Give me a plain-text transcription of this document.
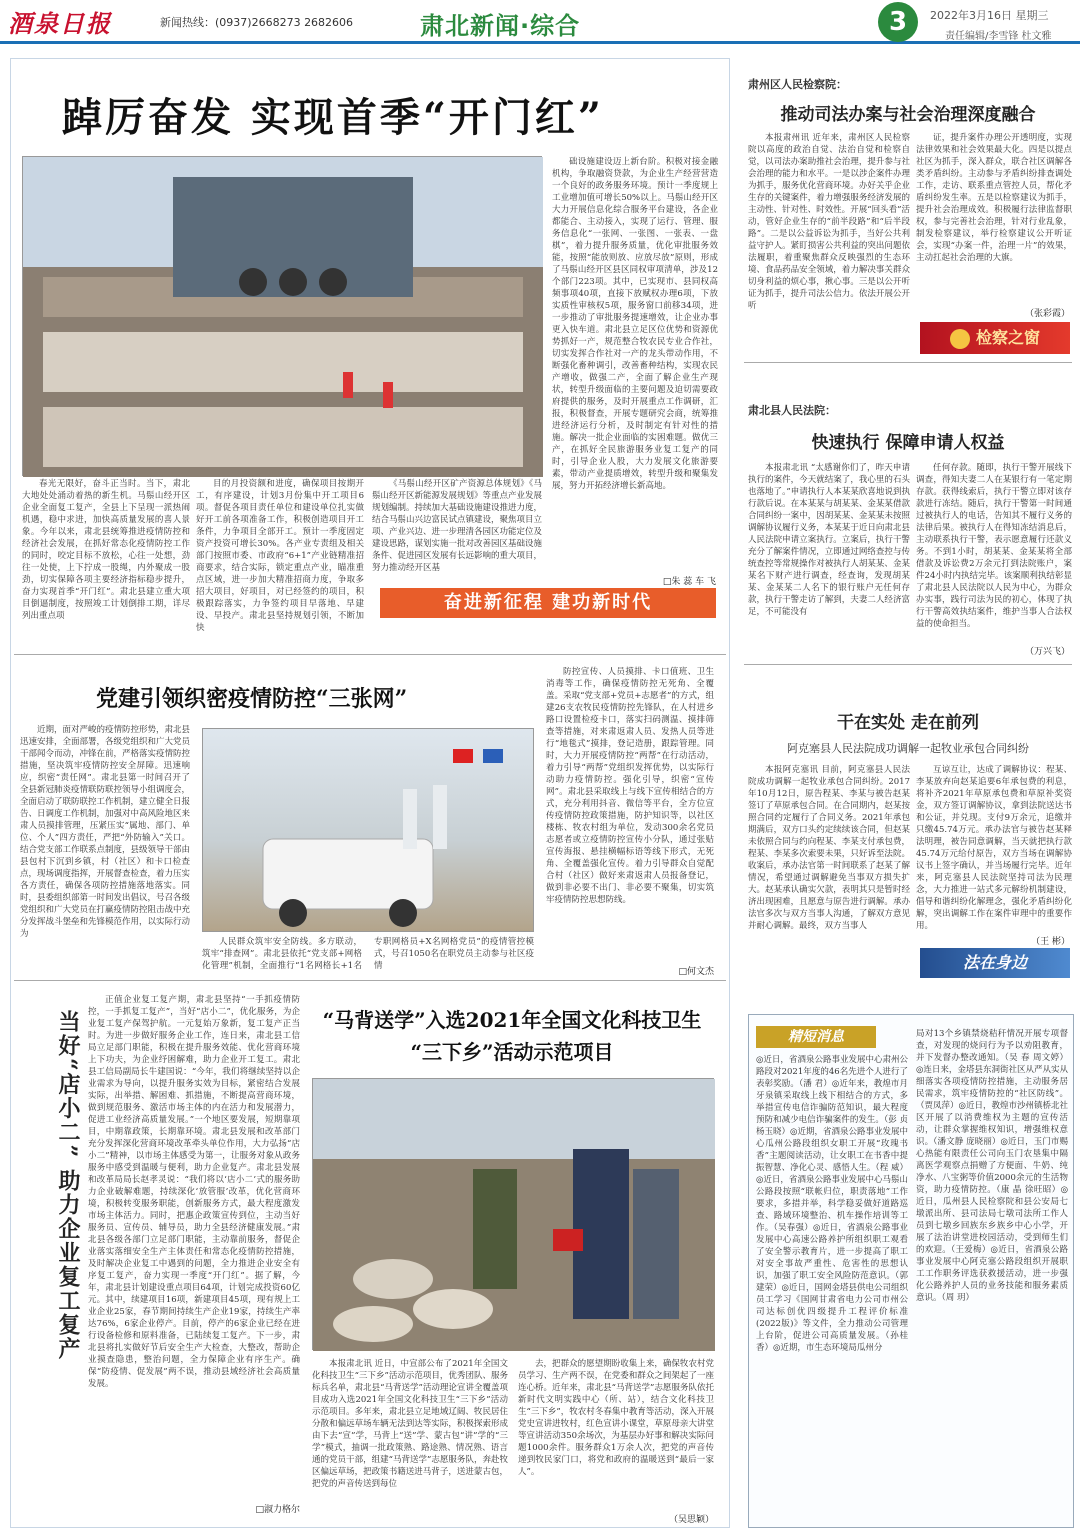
酒泉日报	新闻热线：(0937)2668273 2682606	肃北新闻·综合	3	2022年3月16日 星期三
责任编辑/李雪锋 杜文雅
踔厉奋发 实现首季“开门红”

春光无限好，奋斗正当时。当下，肃北大地处处涌动着热的新生机。马鬃山经开区企业全面复工复产，全县上下呈现一派热闹机遇，稳中求进，加快高质量发展的喜人景象。今年以来，肃北县统筹推进疫情防控和经济社会发展，在抓好常态化疫情防控工作的同时，咬定目标不放松，心往一处想，劲往一处使，上下拧成一股绳，内外聚成一股劲，切实保障各项主要经济指标稳步提升，奋力实现首季“开门红”。肃北县建立重大项目倒逼制度，按照竣工计划倒排工期，详尽列出重点项

目的月投资额和进度，确保项目按期开工，有序建设，计划3月份集中开工项目6项。督促各项目责任单位和建设单位扎实做好开工前各项准备工作，积极创造项目开工条件，力争项目全部开工。预计一季度固定资产投资可增长30%。各产业专责组及相关部门按照市委、市政府“6+1”产业链精准招商要求，结合实际，锁定重点产业，瞄准重点区域，进一步加大精准招商力度，争取多招大项目，好项目，对已经签约的项目，积极跟踪落实，力争签约项目早落地、早建设、早投产。肃北县坚持规划引领，不断加快

《马鬃山经开区矿产资源总体规划》《马鬃山经开区新能源发展规划》等重点产业发展规划编制。持续加大基础设施建设推进力度，结合马鬃山兴边富民试点镇建设，聚焦项目立项、产业兴边、进一步理清各园区功能定位及建设思路，谋划实施一批对改善园区基础设施条件、促进园区发展有长远影响的重大项目，努力推动经开区基

础设施建设迈上新台阶。积极对接金融机构，争取融资贷款，为企业生产经营营造一个良好的政务服务环境。预计一季度规上工业增加值可增长50%以上。马鬃山经开区大力开展信息化综合服务平台建设，各企业都能合、主动接入，实现了运行、管理、服务信息化“一张网、一张图、一张表、一盘棋”，着力提升服务质量，优化审批服务效能，按照“能放则放、应放尽放”原则，形成了马鬃山经开区县区同权审项清单，涉及12个部门223项。其中，已实现市、县同权高频事项40项，直接下放赋权办理6项，下放实质性审核权5项，服务窗口前移34项，进一步推动了审批服务提速增效，让企业办事更入快车道。肃北县立足区位优势和资源优势抓好一产，规范整合牧农民专业合作社，切实发挥合作社对一产的龙头带动作用，不断强化畜种调引，改善畜种结构，实现农民产增收，做强二产，全面了解企业生产现状，转型升级面临的主要问题及迫切需要政府提供的服务，及时开展重点工作调研，汇报，积极督查，开展专题研究会商，统筹推进经济运行分析，及时制定有针对性的措施。解决一批企业面临的实困难题。做优三产，在抓好全民旅游服务业复工复产的同时，引导企业人股，大力发展文化旅游要素，带动产业提质增效，转型升级和聚集发展，努力开拓经济增长新高地。

□朱 蕊 车 飞
奋进新征程 建功新时代
党建引领织密疫情防控“三张网”

近期，面对严峻的疫情防控形势，肃北县迅速安排，全面部署，各级党组织和广大党员干部闻令而动，冲锋在前，严格落实疫情防控措施，坚决筑牢疫情防控安全屏障。迅速响应，织密“责任网”。肃北县第一时间召开了全县新冠肺炎疫情联防联控领导小组调度会，全面启动了联防联控工作机制，建立健全日报告、日调度工作机制，加强对中高风险地区来肃人员摸排管理，压紧压实“属地、部门、单位、个人”四方责任，严把“外防输入”关口。结合党支部工作联系点制度，县级领导干部由县包村下沉到乡镇，村（社区）和卡口检查点，现场调度指挥，开展督查检查，着力压实各方责任，确保各项防控措施落地落实。同时，县委组织部第一时间发出倡议，号召各级党组织和广大党员在打赢疫情防控阻击战中充分发挥战斗堡垒和先锋模范作用，以实际行动为

人民群众筑牢安全防线。多方联动，筑牢“排查网”。肃北县依托“党支部+网格化管理”机制，全面推行“1名网格长+1名专职网格员+X名网格党员”的疫情管控模式，号召1050名在职党员主动参与社区疫情

防控宣传、人员摸排、卡口值班、卫生消毒等工作，确保疫情防控无死角、全覆盖。采取“党支部+党员+志愿者”的方式，组建26支农牧民疫情防控先锋队，在人村进乡路口设置检疫卡口，落实扫码测温、摸排筛查等措施，对来肃返肃人员、发热人员等进行“地毯式”摸排，登记造册，跟踪管理。同时，大力开展疫情防控“两帮”在行动活动，着力引导“两帮”党组织发挥优势，以实际行动助力疫情防控。强化引导，织密“宣传网”。肃北县采取线上与线下宣传相结合的方式，充分利用抖音、微信等平台，全方位宣传疫情防控政策措施，防护知识等，以社区楼栋、牧农村组为单位，发动300余名党员志愿者或立疫情防控宣传小分队，通过张贴宣传海报、悬挂横幅标语等线下形式，无死角、全覆盖强化宣传。着力引导群众自觉配合村（社区）做好来肃返肃人员报备登记，做到非必要不出门、非必要不聚集，切实筑牢疫情防控思想防线。

□何文杰
当好“店小二” 助力企业复工复产

正值企业复工复产期，肃北县坚持“一手抓疫情防控，一手抓复工复产”，当好“店小二”，优化服务，为企业复工复产保驾护航。一元复始万象新，复工复产正当时。为进一步做好服务企业工作，连日来，肃北县工信局立足部门职能，积极在提升服务效能、优化营商环境上下功夫，为企业纾困解难，助力企业开工复工。肃北县工信局副局长牛建国说：“今年，我们将继续坚持以企业需求为导向，以提升服务实效为目标，紧密结合发展实际，出举措、解困难、抓措施，不断提高营商环境，做到规范服务、激活市场主体的内在活力和发展潜力，促进工业经济高质量发展。”一个地区要发展，短期靠项目，中期靠政策，长期靠环境。肃北县发展和改革部门充分发挥深化营商环境改革牵头单位作用，大力弘扬“店小二”精神，以市场主体感受为第一，让服务对象从政务服务中感受到温暖与便利，助力企业复产。肃北县发展和改革局局长赵孝灵说：“我们将以‘店小二’式的服务助力企业破解难题，持续深化‘放管服’改革，优化营商环境，积极转变服务职能，创新服务方式，最大程度激发市场主体活力。同时，把惠企政策宣传到位，主动当好服务员、宣传员、辅导员，助力全县经济健康发展。”肃北县各级各部门立足部门职能，主动靠前服务，督促企业落实落细安全生产主体责任和常态化疫情防控措施，及时解决企业复工中遇到的问题，全力推进企业安全有序复工复产，奋力实现一季度“开门红”。据了解，今年，肃北县计划建设重点项目64项，计划完成投资60亿元。其中，续建项目16项，新建项目45项，现有规上工业企业25家，春节期间持续生产企业19家，持续生产率达76%，6家企业停产。目前，停产的6家企业已经在进行设备检修和原料准备，已陆续复工复产。下一步，肃北县将扎实做好节后安全生产大检查，大整改，帮助企业摸查隐患，整治问题，全力保障企业有序生产。确保“防疫情、促发展”两不误，推动县域经济社会高质量发展。

□淑力格尔
“马背送学”入选2021年全国文化科技卫生
“三下乡”活动示范项目

本报肃北讯 近日，中宣部公布了2021年全国文化科技卫生“三下乡”活动示范项目，优秀团队、服务标兵名单，肃北县“马背送学”活动理论宣讲全覆盖项目成功入选2021年全国文化科技卫生“三下乡”活动示范项目。多年来，肃北县立足地域辽阔、牧民居住分散和偏远草场车辆无法到达等实际，积极探索形成由下去“宣”学，马背上“送”学、蒙古包“讲”学的“三学”模式，抽调一批政策熟、路途熟、情况熟、语言通的党员干部，组建“马背送学”志愿服务队，奔赴牧区偏远草场，把政策书籍送进马背子，送进蒙古包，把党的声音传送到每位

去，把群众的愿望期盼收集上来，确保牧农村党员学习、生产两不误，在党委和群众之间架起了一座连心桥。近年来，肃北县“马背送学”志愿服务队依托新时代文明实践中心（所、站），结合文化科技卫生“三下乡”，牧农村冬春集中教育等活动，深入开展党史宣讲进牧村，红色宣讲小课堂，草原母亲大讲堂等宣讲活动350余场次，为基层办好事和解决实际问题1000余件。服务群众1万余人次，把党的声音传递到牧民家门口，将党和政府的温暖送到“最后一家人”。

（吴思颖）
肃州区人民检察院：
推动司法办案与社会治理深度融合

本报肃州讯 近年来，肃州区人民检察院以高度的政治自觉、法治自觉和检察自觉，以司法办案助推社会治理，提升参与社会治理的能力和水平。一是以涉企案件办理为抓手，服务优化营商环境。办好关乎企业生存的关键案件，着力增强服务经济发展的主动性、针对性、时效性。开展“回头看”活动，管好企业生存的“前半段路”和“后半段路”。二是以公益诉讼为抓手，当好公共利益守护人。紧盯损害公共利益的突出问题依法履职，着重聚焦群众反映强烈的生态环境、食品药品安全领域，着力解决事关群众切身利益的烦心事，揪心事。三是以公开听证为抓手，提升司法公信力。依法开展公开听

证，提升案件办理公开透明度，实现法律效果和社会效果最大化。四是以提点社区为抓手，深入群众，联合社区调解各类矛盾纠纷。主动参与矛盾纠纷排查调处工作，走访、联系重点管控人员，帮化矛盾纠纷发生率。五是以检察建议为抓手，提升社会治理成效。积极履行法律监督职权，参与完善社会治理，针对行业乱象，制发检察建议，举行检察建议公开听证会，实现“办案一件，治理一片”的效果，主动扛起社会治理的大旗。

（张彩霞）
检察之窗
肃北县人民法院：
快速执行 保障申请人权益

本报肃北讯 “太感谢你们了，昨天申请执行的案件，今天就结案了，我心里的石头也落地了。”申请执行人本某某欣喜地说到执行款后说。在本某某与胡某某、金某某借款合同纠纷一案中，因胡某某、金某某未按照调解协议履行义务，本某某于近日向肃北县人民法院申请立案执行。立案后，执行干警充分了解案件情况，立即通过网络查控与传统查控等常规操作对被执行人胡某某、金某某名下财产进行调查，经查询，发现胡某某、金某某二人名下的银行账户无任何存款，执行干警走访了解到，夫妻二人经济富足，不可能没有

任何存款。随即，执行干警开展线下调查，得知夫妻二人在某银行有一笔定期存款。获得线索后，执行干警立即对该存款进行冻结。随后，执行干警第一时间通过被执行人的电话，告知其不履行义务的法律后果。被执行人在得知冻结消息后，主动联系执行干警，表示愿意履行还款义务。不到1小时，胡某某、金某某将全部借款及诉讼费2万余元打到法院账户，案件24小时内执结完毕。该案顺利执结彰显了肃北县人民法院以人民为中心，为群众办实事，践行司法为民的初心，体现了执行干警高效执结案件，维护当事人合法权益的使命担当。

（万兴飞）
干在实处 走在前列
阿克塞县人民法院成功调解一起牧业承包合同纠纷

本报阿克塞讯 目前，阿克塞县人民法院成功调解一起牧业承包合同纠纷。2017年10月12日，原告程某、李某与被告赵某签订了草原承包合同。在合同期内，赵某按照合同约定履行了合同义务。2021年承包期满后，双方口头约定续续该合同，但赵某未依照合同与约向程某、李某支付承包费，程某、李某多次索要未果，只好诉至法院。收案后，承办法官第一时间联系了赵某了解情况，希望通过调解避免当事双方损失扩大。赵某承认确实欠款，表明其只是暂时经济出现困难，且愿意与原告进行调解。承办法官多次与双方当事人沟通，了解双方意见并耐心调解。最终，双方当事人

互谅互让，达成了调解协议：程某、李某放弃向赵某追要6年承包费的利息，将补齐2021年草原承包费和草原补奖资金，双方签订调解协议，拿到法院送达书和公证，并兑现。支付9万余元，追缴并只缴45.74万元。承办法官与被告赵某释法明理，被告同意调解，当天就把执行款45.74万元给付原告，双方当场在调解协议书上签字确认，并当场履行完毕。近年来，阿克塞县人民法院坚持司法为民理念，大力推进一站式多元解纷机制建设，倡导和谐纠纷化解理念，强化矛盾纠纷化解，突出调解工作在案件审理中的重要作用。

（王 彬）
法在身边
精短消息

◎近日，省酒泉公路事业发展中心肃州公路段对2021年度的46名先进个人进行了表彰奖励。（潘 君）◎近年来，教煌市月牙泉镇采取线上线下相结合的方式，多举措宣传电信诈骗防范知识，最大程度预防和减少电信诈骗案件的发生。（彭 贞 杨玉晓）◎近期，省酒泉公路事业发展中心瓜州公路段组织女职工开展“玫瑰书香”主题阅读活动，让女职工在书香中提振智慧、净化心灵、感悟人生。（程 威）◎近日，省酒泉公路事业发展中心马鬃山公路段按照“联帐归位，职责落地”工作要求，多措并举，科学稳妥做好道路巡查、路域环境整治、机车操作培训等工作。（吴春强）◎近日，省酒泉公路事业发展中心高速公路养护所组织职工观看了安全警示教育片，进一步提高了职工对安全事故严重性、危害性的思想认识，加强了职工安全风险防范意识。（郭建荣）◎近日，国网金塔县供电公司组织员工学习《国网甘肃省电力公司市州公司达标创优四级提升工程评价标准(2022版)》等文件，全力推动公司管理上台阶，促进公司高质量发展。（孙桂香）◎近期，市生态环境局瓜州分

局对13个乡镇禁烧秸秆情况开展专项督查，对发现的烧问行为予以劝阻教育，并下发督办整改通知。（吴 春 周文婷）◎连日来，金塔县东洞街社区从严从实从细落实各项疫情防控措施，主动服务居民需求，筑牢疫情防控的“社区防线”。（贾凤萍）◎近日，教煌市沙州镇桥北社区开展了以消费维权为主题的宣传活动，让群众掌握维权知识，增强维权意识。（潘文静 庞晓丽）◎近日，玉门市赐心热能有限责任公司向玉门农垦集中隔离医学观察点捐赠了方便面、牛奶、纯净水、八宝粥等价值2000余元的生活物资，助力疫情防控。（康 晶 徐旺昭）◎近日，瓜州县人民检察院和县公安局七墩派出所、县司法局七墩司法所工作人员到七墩乡回族东乡族乡中心小学，开展了法治讲堂进校园活动，受到师生们的欢迎。（王爱梅）◎近日，省酒泉公路事业发展中心阿克塞公路段组织开展职工工作职务评选获救援活动，进一步强化公路养护人员的业务技能和服务素质意识。（周 玥）
